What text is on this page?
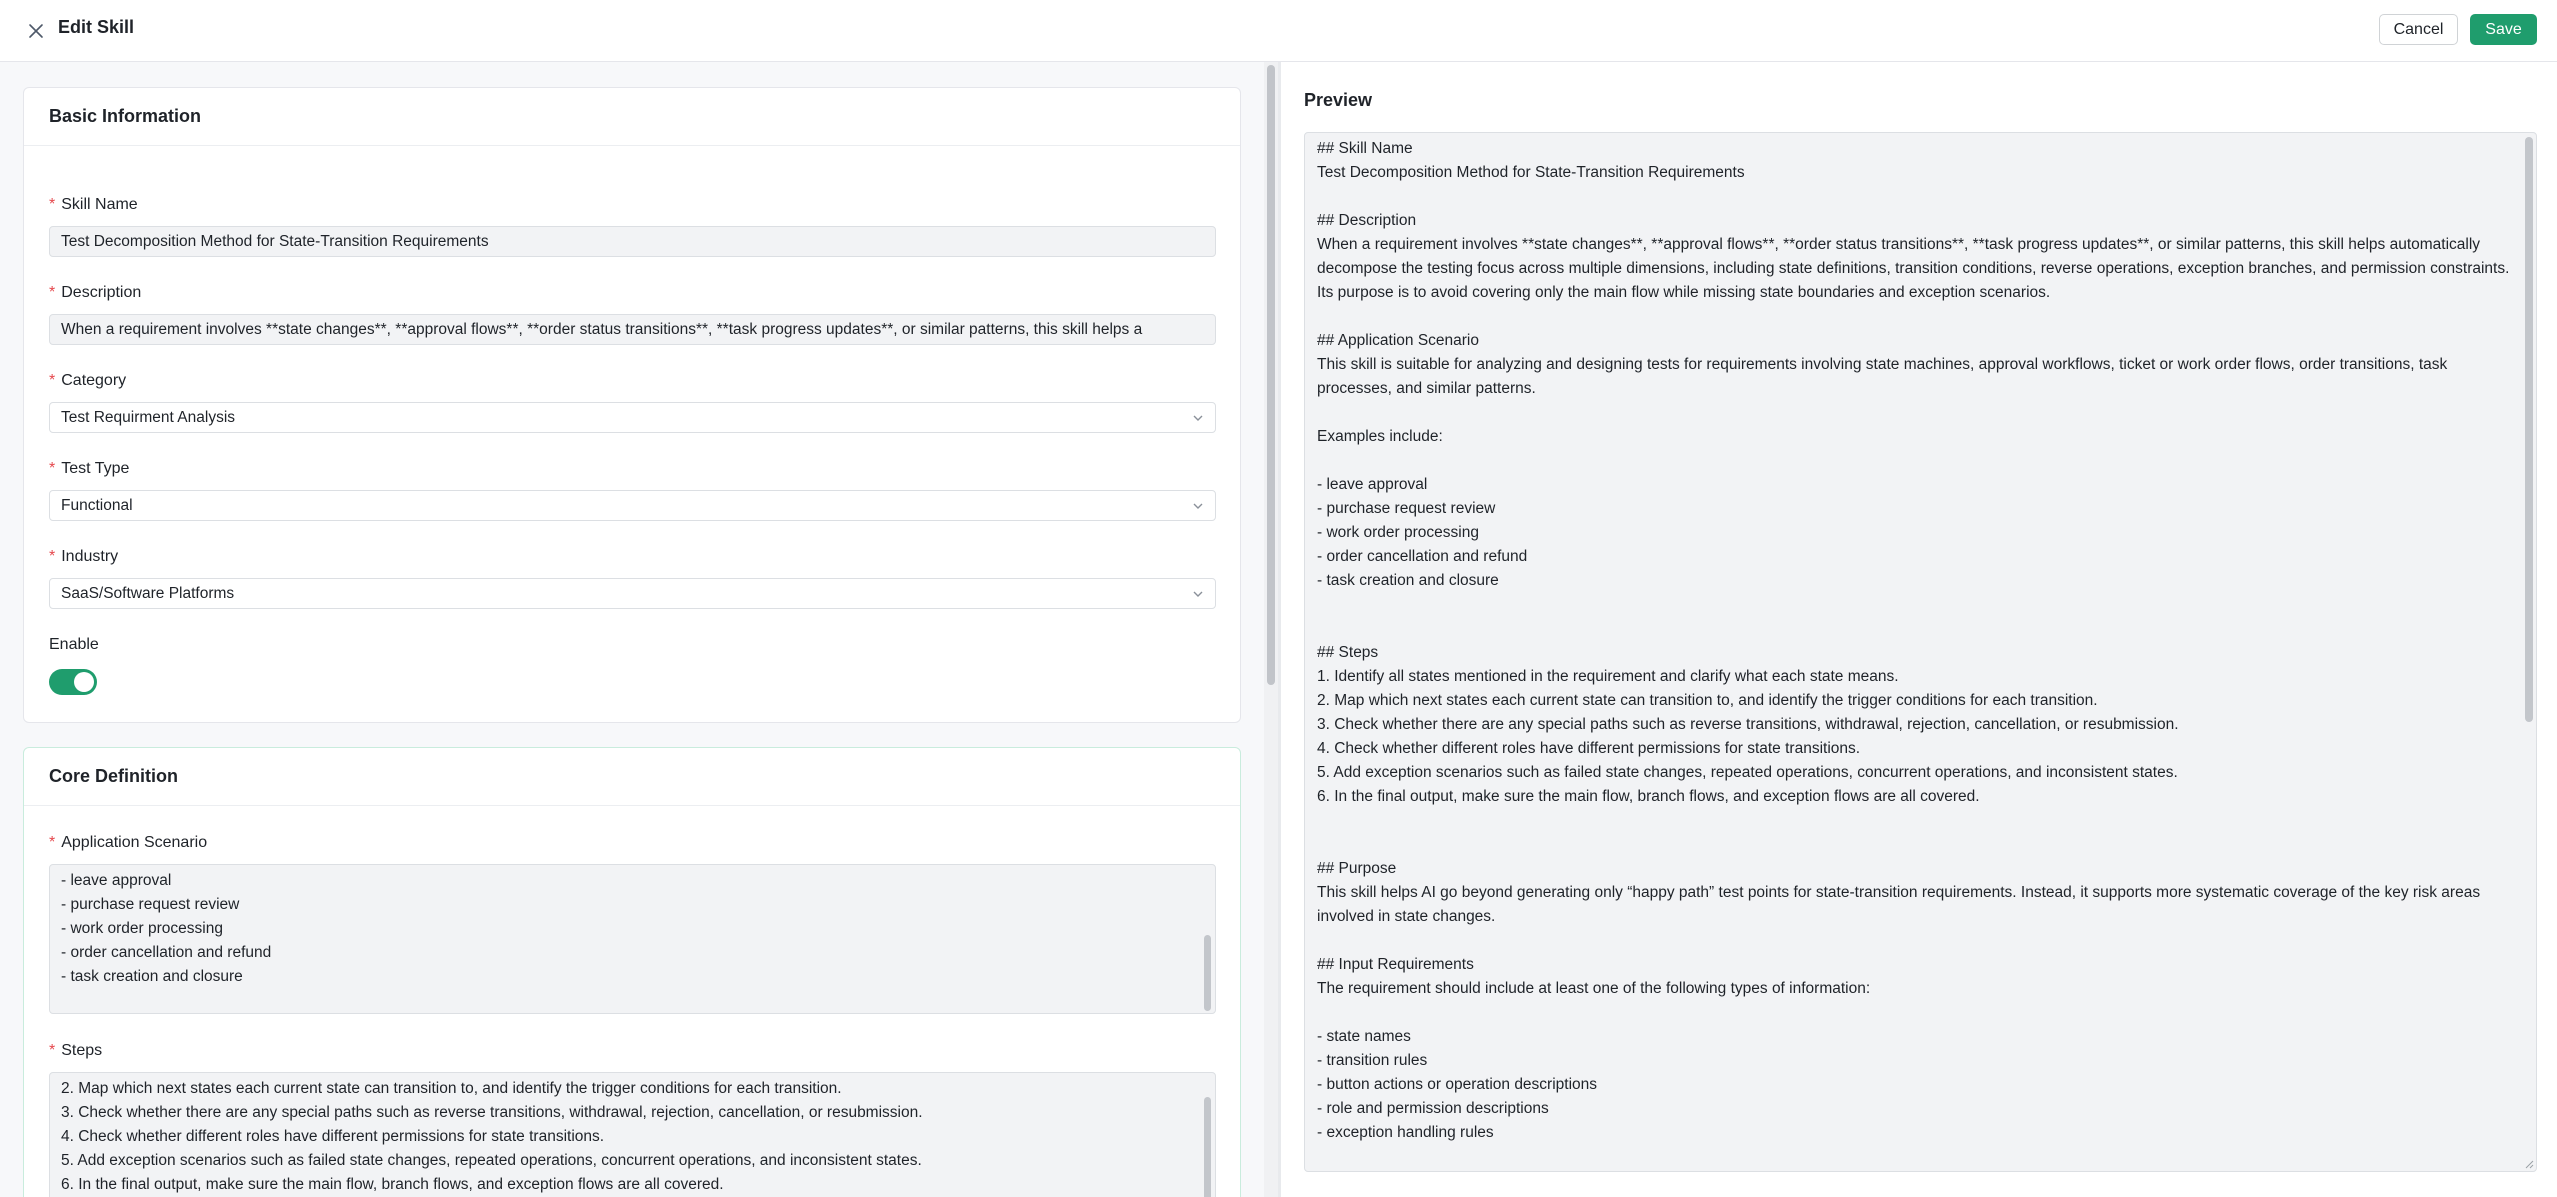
Edit Skill	Cancel	Save
Basic Information
* Skill Name
Test Decomposition Method for State-Transition Requirements
* Description
When a requirement involves **state changes**, **approval flows**, **order status transitions**, **task progress updates**, or similar patterns, this skill helps a
* Category
Test Requirment Analysis
* Test Type
Functional
* Industry
SaaS/Software Platforms
Enable
Core Definition
* Application Scenario
- leave approval
- purchase request review
- work order processing
- order cancellation and refund
- task creation and closure
* Steps
2. Map which next states each current state can transition to, and identify the trigger conditions for each transition.
3. Check whether there are any special paths such as reverse transitions, withdrawal, rejection, cancellation, or resubmission.
4. Check whether different roles have different permissions for state transitions.
5. Add exception scenarios such as failed state changes, repeated operations, concurrent operations, and inconsistent states.
6. In the final output, make sure the main flow, branch flows, and exception flows are all covered.
Preview
## Skill Name
Test Decomposition Method for State-Transition Requirements

## Description
When a requirement involves **state changes**, **approval flows**, **order status transitions**, **task progress updates**, or similar patterns, this skill helps automatically decompose the testing focus across multiple dimensions, including state definitions, transition conditions, reverse operations, exception branches, and permission constraints. Its purpose is to avoid covering only the main flow while missing state boundaries and exception scenarios.

## Application Scenario
This skill is suitable for analyzing and designing tests for requirements involving state machines, approval workflows, ticket or work order flows, order transitions, task processes, and similar patterns.

Examples include:

- leave approval
- purchase request review
- work order processing
- order cancellation and refund
- task creation and closure

## Steps
1. Identify all states mentioned in the requirement and clarify what each state means.
2. Map which next states each current state can transition to, and identify the trigger conditions for each transition.
3. Check whether there are any special paths such as reverse transitions, withdrawal, rejection, cancellation, or resubmission.
4. Check whether different roles have different permissions for state transitions.
5. Add exception scenarios such as failed state changes, repeated operations, concurrent operations, and inconsistent states.
6. In the final output, make sure the main flow, branch flows, and exception flows are all covered.

## Purpose
This skill helps AI go beyond generating only “happy path” test points for state-transition requirements. Instead, it supports more systematic coverage of the key risk areas involved in state changes.

## Input Requirements
The requirement should include at least one of the following types of information:

- state names
- transition rules
- button actions or operation descriptions
- role and permission descriptions
- exception handling rules
